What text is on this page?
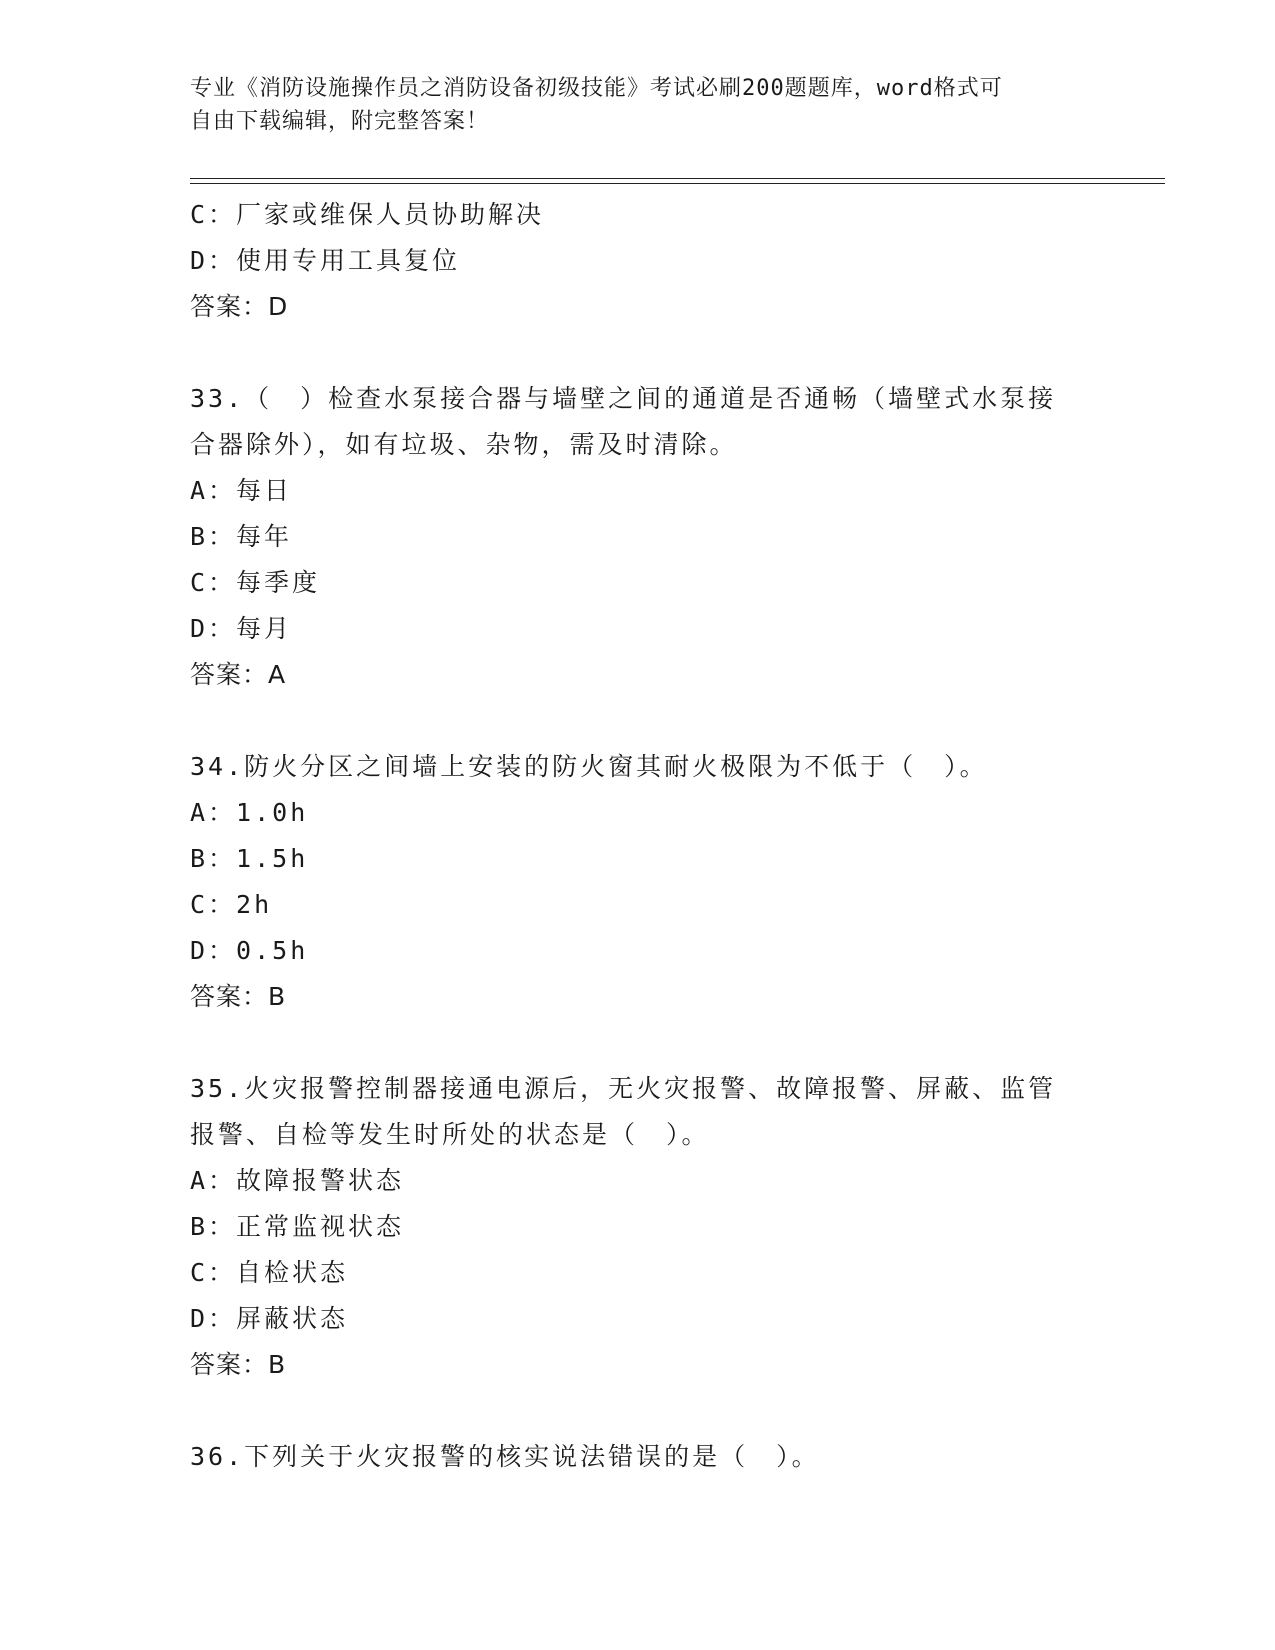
专业《消防设施操作员之消防设备初级技能》考试必刷200题题库，word格式可
自由下载编辑，附完整答案！
C：厂家或维保人员协助解决
D：使用专用工具复位
答案：D
33.（　）检查水泵接合器与墙壁之间的通道是否通畅（墙壁式水泵接
合器除外），如有垃圾、杂物，需及时清除。
A：每日
B：每年
C：每季度
D：每月
答案：A
34.防火分区之间墙上安装的防火窗其耐火极限为不低于（　）。
A：1.0h
B：1.5h
C：2h
D：0.5h
答案：B
35.火灾报警控制器接通电源后，无火灾报警、故障报警、屏蔽、监管
报警、自检等发生时所处的状态是（　）。
A：故障报警状态
B：正常监视状态
C：自检状态
D：屏蔽状态
答案：B
36.下列关于火灾报警的核实说法错误的是（　）。
